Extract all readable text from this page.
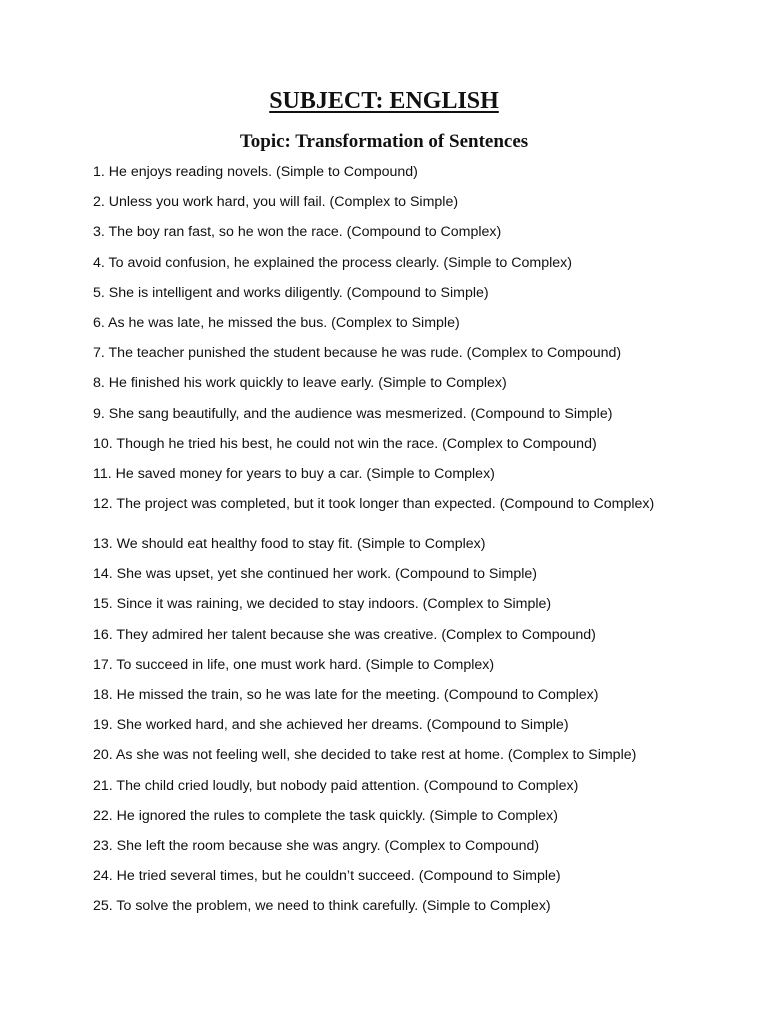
SUBJECT: ENGLISH
Topic: Transformation of Sentences
1. He enjoys reading novels. (Simple to Compound)
2. Unless you work hard, you will fail. (Complex to Simple)
3. The boy ran fast, so he won the race. (Compound to Complex)
4. To avoid confusion, he explained the process clearly. (Simple to Complex)
5. She is intelligent and works diligently. (Compound to Simple)
6. As he was late, he missed the bus. (Complex to Simple)
7. The teacher punished the student because he was rude. (Complex to Compound)
8. He finished his work quickly to leave early. (Simple to Complex)
9. She sang beautifully, and the audience was mesmerized. (Compound to Simple)
10. Though he tried his best, he could not win the race. (Complex to Compound)
11. He saved money for years to buy a car. (Simple to Complex)
12. The project was completed, but it took longer than expected. (Compound to Complex)
13. We should eat healthy food to stay fit. (Simple to Complex)
14. She was upset, yet she continued her work. (Compound to Simple)
15. Since it was raining, we decided to stay indoors. (Complex to Simple)
16. They admired her talent because she was creative. (Complex to Compound)
17. To succeed in life, one must work hard. (Simple to Complex)
18. He missed the train, so he was late for the meeting. (Compound to Complex)
19. She worked hard, and she achieved her dreams. (Compound to Simple)
20. As she was not feeling well, she decided to take rest at home. (Complex to Simple)
21. The child cried loudly, but nobody paid attention. (Compound to Complex)
22. He ignored the rules to complete the task quickly. (Simple to Complex)
23. She left the room because she was angry. (Complex to Compound)
24. He tried several times, but he couldn’t succeed. (Compound to Simple)
25. To solve the problem, we need to think carefully. (Simple to Complex)
